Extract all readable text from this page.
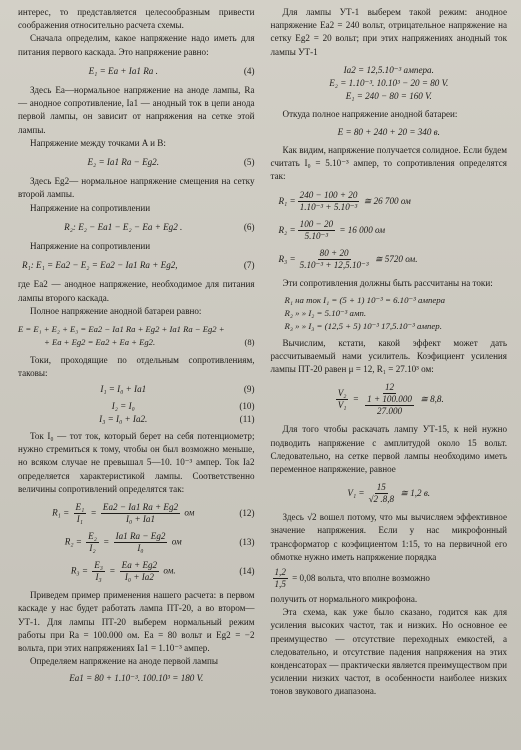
интерес, то представляется целесообразным привести соображения относительно расчета схемы.

Сначала определим, какое напряжение надо иметь для питания первого каскада. Это напряжение равно:

E₁ = Eа + Iа1 Rа .	(4)

Здесь Eа—нормальное напряжение на аноде лампы, Rа — анодное сопротивление, Iа1 — анодный ток в цепи анода первой лампы, он зависит от напряжения на сетке этой лампы.

Напряжение между точками A и B:

E₂ = Iа1 Rа − Eg2.	(5)

Здесь Eg2— нормальное напряжение смещения на сетку второй лампы.

Напряжение на сопротивлении

R₂: E₂ − Eа1 − E₂ − Eа + Eg2 .	(6)

Напряжение на сопротивлении

R₁: E₁ = Eа2 − E₂ = Eа2 − Iа1 Rа + Eg2,	(7)

где Eа2 — анодное напряжение, необходимое для питания лампы второго каскада.

Полное напряжение анодной батареи равно:

E = E₁ + E₂ + E₃ = Eа2 − Iа1 Rа + Eg2 + Iа1 Rа − Eg2 +
+ Eа + Eg2 = Eа2 + Eа + Eg2.	(8)

Токи, проходящие по отдельным сопротивлениям, таковы:

I₁ = I₀ + Iа1	(9)
I₂ = I₀	(10)
I₃ = I₀ + Iа2.	(11)

Ток I₀ — тот ток, который берет на себя потенциометр; нужно стремиться к тому, чтобы он был возможно меньше, но всяком случае не превышал 5—10. 10⁻³ ампер. Ток Iа2 определяется характеристикой лампы. Соответственно величины сопротивлений определятся так:

$R_1 = \frac{\text{E₁}}{\text{I₁}} = \frac{Eа2 - Iа1 Rа + Eg2}{\text{I₀ + Iа1}}$ ом	(12)
$R_2 = \frac{\text{E₂}}{\text{I₂}} = \frac{Iа1 Rа - Eg2}{\text{I₀}}$ ом	(13)
$R_3 = \frac{\text{E₃}}{\text{I₃}} = \frac{Eа + Eg2}{\text{I₀ + Iа2}}$ ом.	(14)

Приведем пример применения нашего расчета: в первом каскаде у нас будет работать лампа ПТ-20, а во втором—УТ-1. Для лампы ПТ-20 выберем нормальный режим работы при Rа = 100.000 ом. Eа = 80 вольт и Eg2 = −2 вольта, при этих напряжениях Iа1 = 1.10⁻³ ампер.

Определяем напряжение на аноде первой лампы

Eа1 = 80 + 1.10⁻³. 100.10³ = 180 V.

Для лампы УТ-1 выберем такой режим: анодное напряжение Eа2 = 240 вольт, отрицательное напряжение на сетку Eg2 = 20 вольт; при этих напряжениях анодный ток лампы УТ-1

Iа2 = 12,5.10⁻³ ампера.
E₂ = 1.10⁻³. 10.10³ − 20 = 80 V.
E₁ = 240 − 80 = 160 V.

Откуда полное напряжение анодной батареи:

E = 80 + 240 + 20 = 340 в.

Как видим, напряжение получается солидное. Если будем считать I₀ = 5.10⁻³ ампер, то сопротивления определятся так:

$R_1 = \frac{240 - 100 + 20}{\text{1.10⁻³ + 5.10⁻³}}$
≅ 26 700 ом
$R_2 = \frac{100 - 20}{\text{5.10⁻³}}$
= 16 000 ом
$R_3 = \frac{80 + 20}{\text{5.10⁻³ + 12,5.10⁻³}}$
≅ 5720 ом.

Эти сопротивления должны быть рассчитаны на токи:

R₁ на ток I₁ = (5 + 1) 10⁻³ = 6.10⁻³ ампера
R₂ » » I₂ = 5.10⁻³ амп.
R₃ » » I₃ = (12,5 + 5) 10⁻³ 17,5.10⁻³ ампер.

Вычислим, кстати, какой эффект может дать рассчитываемый нами усилитель. Коэфициент усиления лампы ПТ-20 равен μ = 12, R₁ = 27.10³ ом:

$\frac{\text{V₂}}{\text{V₁}} = \frac{12}{\frac{1 + 100.000}{27.000}}$
≅ 8,8.

Для того чтобы раскачать лампу УТ-15, к ней нужно подводить напряжение с амплитудой около 15 вольт. Следовательно, на сетке первой лампы необходимо иметь переменное напряжение, равное

$V_1 = \frac{15}{√2 .8,8}$
≅ 1,2 в.

Здесь √2 вошел потому, что мы вычисляем эффективное значение напряжения. Если у нас микрофонный трансформатор с коэфициентом 1:15, то на первичной его обмотке нужно иметь напряжение порядка

$\frac{1,2}{1,5}$
= 0,08 вольта, что вполне возможно

получить от нормального микрофона.

Эта схема, как уже было сказано, годится как для усиления высоких частот, так и низких. Но основное ее преимущество — отсутствие переходных емкостей, а следовательно, и отсутствие падения напряжения на этих конденсаторах — практически является преимуществом при усилении низких частот, в особенности наиболее низких тонов звукового диапазона.
